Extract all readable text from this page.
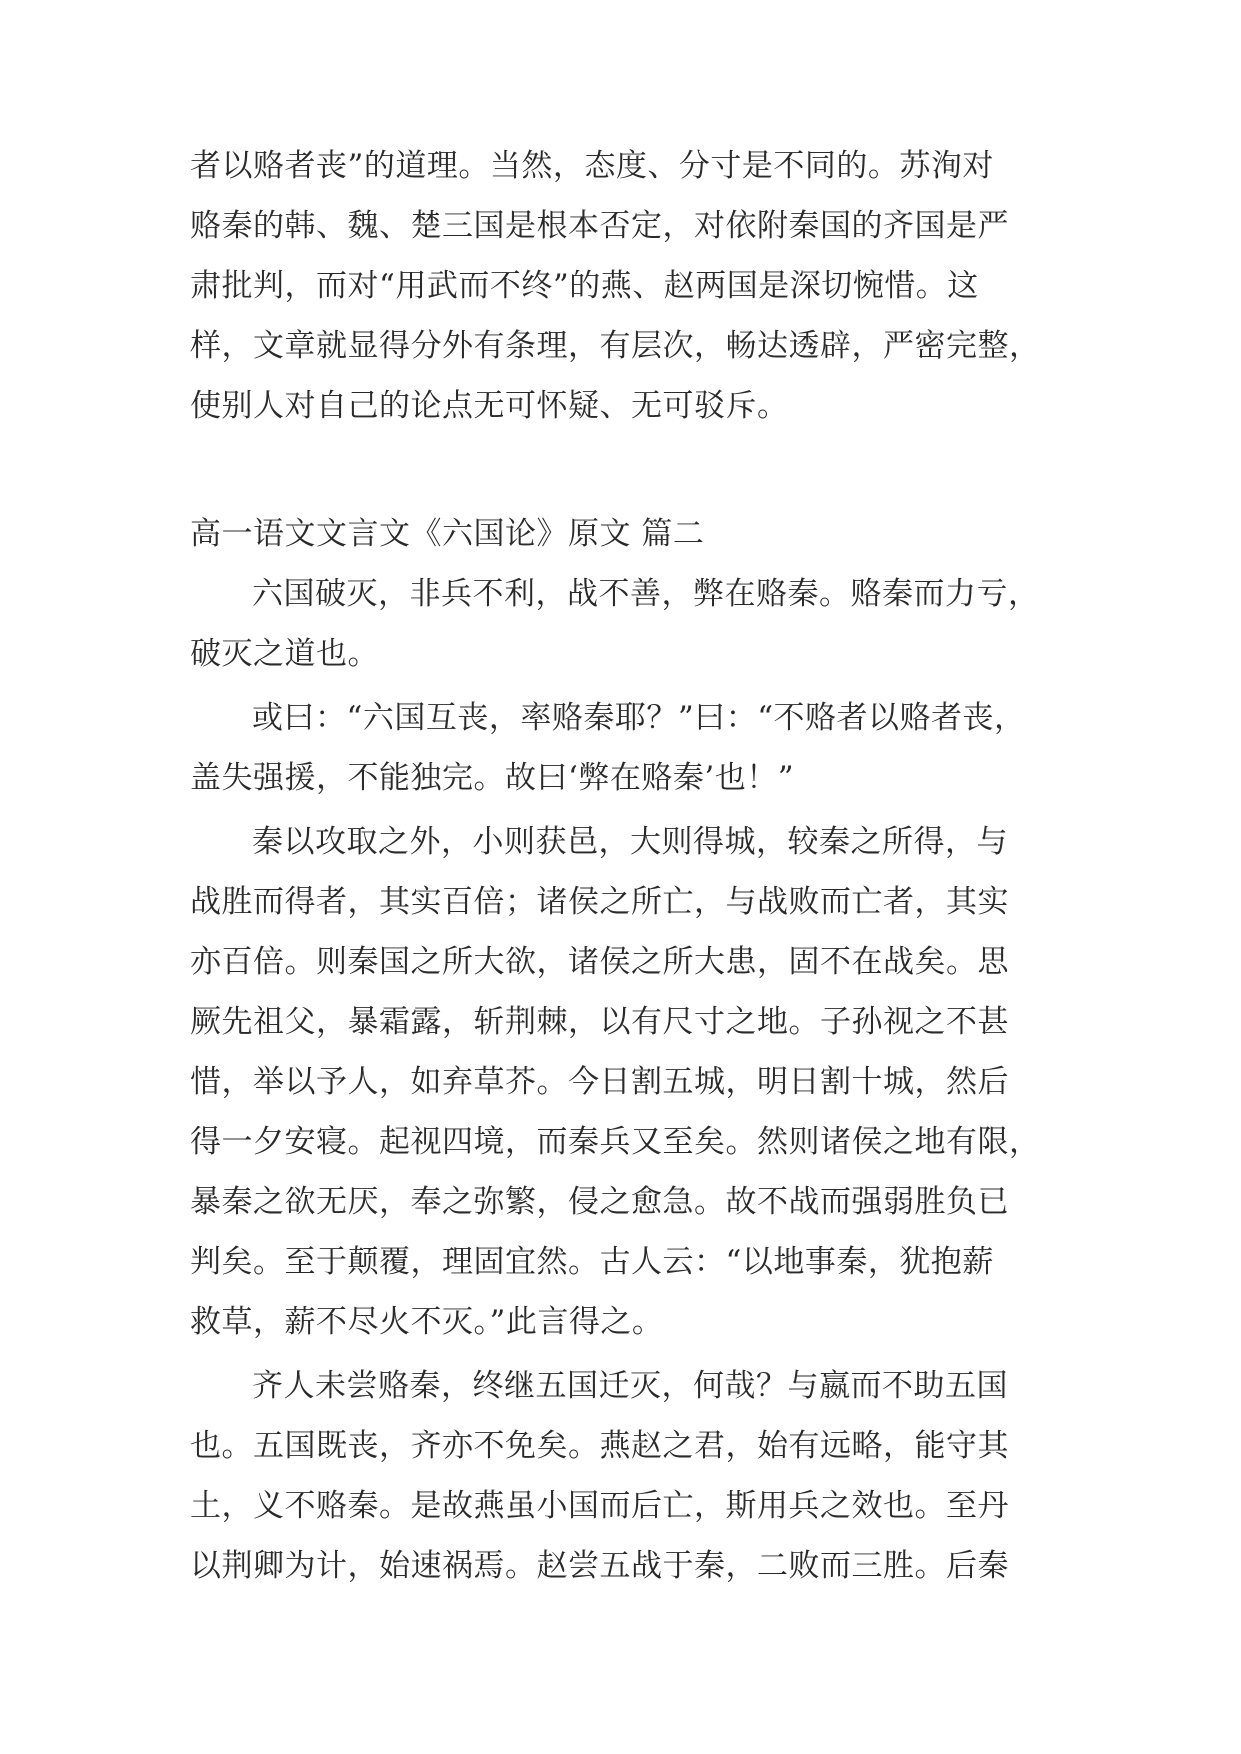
者以赂者丧”的道理。当然，态度、分寸是不同的。苏洵对
赂秦的韩、魏、楚三国是根本否定，对依附秦国的齐国是严
肃批判，而对“用武而不终”的燕、赵两国是深切惋惜。这
样，文章就显得分外有条理，有层次，畅达透辟，严密完整，
使别人对自己的论点无可怀疑、无可驳斥。
高一语文文言文《六国论》原文 篇二
六国破灭，非兵不利，战不善，弊在赂秦。赂秦而力亏，
破灭之道也。
或曰：“六国互丧，率赂秦耶？”曰：“不赂者以赂者丧，
盖失强援，不能独完。故曰‘弊在赂秦’也！”
秦以攻取之外，小则获邑，大则得城，较秦之所得，与
战胜而得者，其实百倍；诸侯之所亡，与战败而亡者，其实
亦百倍。则秦国之所大欲，诸侯之所大患，固不在战矣。思
厥先祖父，暴霜露，斩荆棘，以有尺寸之地。子孙视之不甚
惜，举以予人，如弃草芥。今日割五城，明日割十城，然后
得一夕安寝。起视四境，而秦兵又至矣。然则诸侯之地有限，
暴秦之欲无厌，奉之弥繁，侵之愈急。故不战而强弱胜负已
判矣。至于颠覆，理固宜然。古人云：“以地事秦，犹抱薪
救草，薪不尽火不灭。”此言得之。
齐人未尝赂秦，终继五国迁灭，何哉？与嬴而不助五国
也。五国既丧，齐亦不免矣。燕赵之君，始有远略，能守其
土，义不赂秦。是故燕虽小国而后亡，斯用兵之效也。至丹
以荆卿为计，始速祸焉。赵尝五战于秦，二败而三胜。后秦
